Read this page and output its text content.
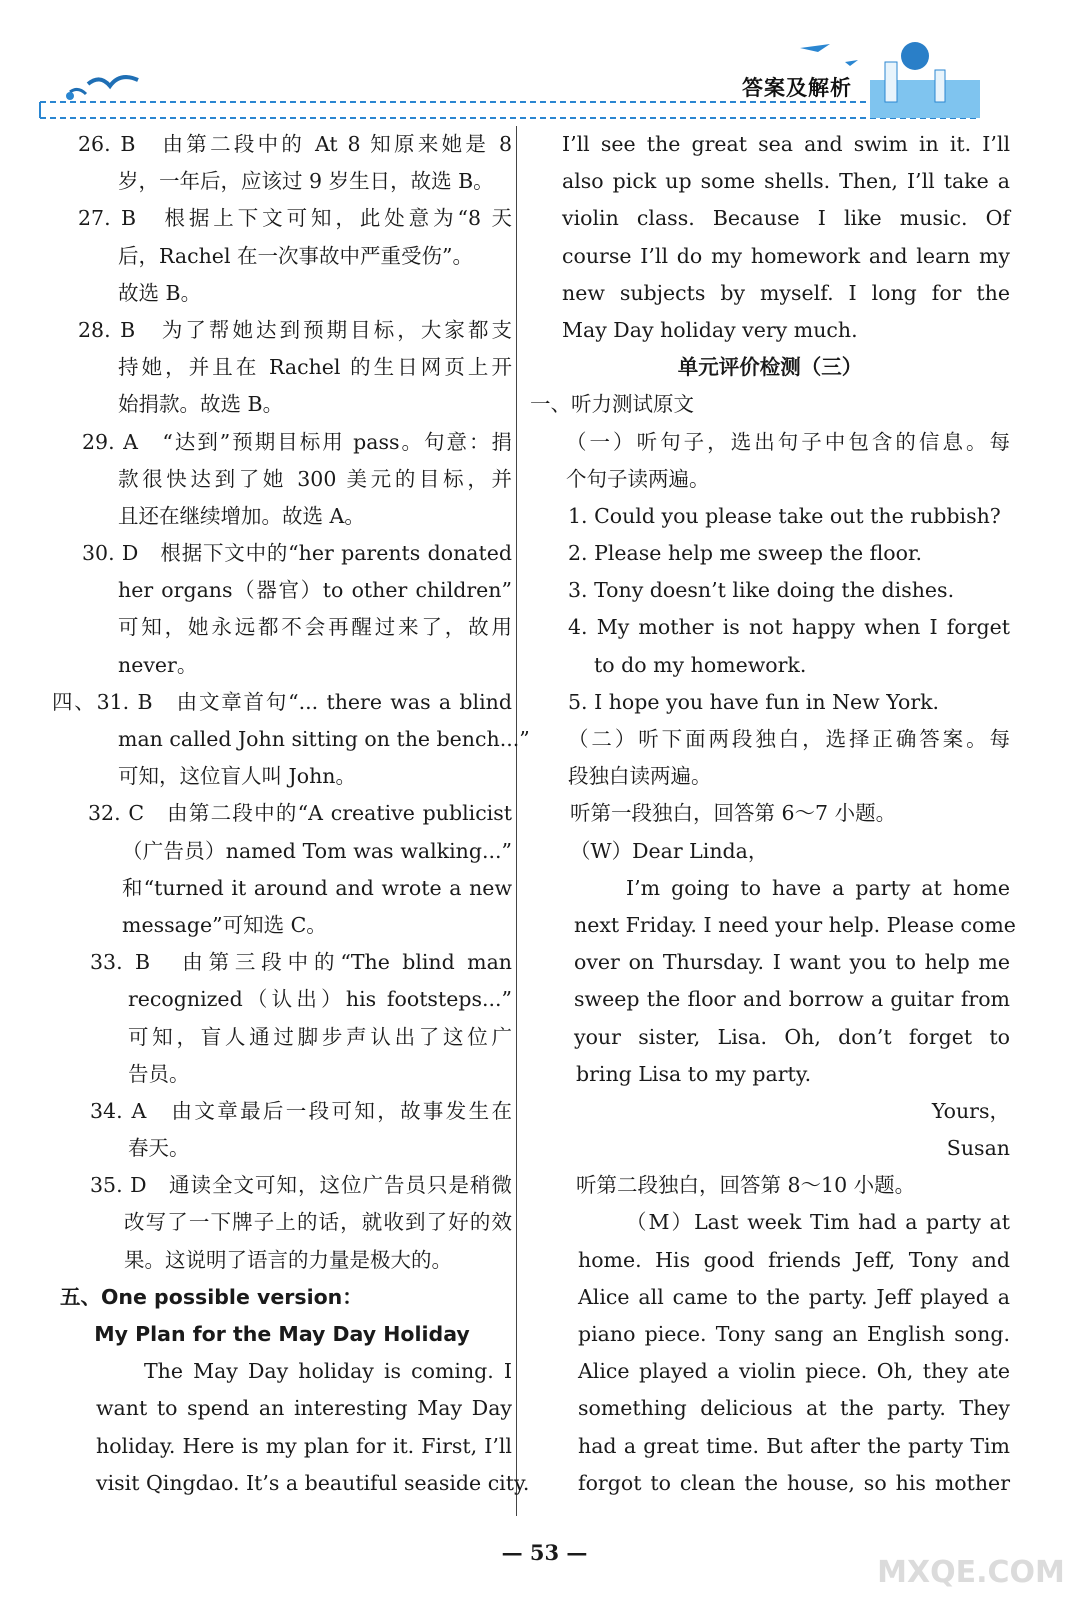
答案及解析
26. B　由第二段中的 At 8 知原来她是 8
岁，一年后，应该过 9 岁生日，故选 B。
27. B　根据上下文可知，此处意为“8 天
后，Rachel 在一次事故中严重受伤”。
故选 B。
28. B　为了帮她达到预期目标，大家都支
持她，并且在 Rachel 的生日网页上开
始捐款。故选 B。
29. A　“达到”预期目标用 pass。句意：捐
款很快达到了她 300 美元的目标，并
且还在继续增加。故选 A。
30. D　根据下文中的“her parents donated
her organs（器官）to other children”
可知，她永远都不会再醒过来了，故用
never。
四、31. B　由文章首句“... there was a blind
man called John sitting on the bench...”
可知，这位盲人叫 John。
32. C　由第二段中的“A creative publicist
（广告员）named Tom was walking...”
和“turned it around and wrote a new
message”可知选 C。
33. B　由第三段中的“The blind man
recognized（认出）his footsteps...”
可知，盲人通过脚步声认出了这位广
告员。
34. A　由文章最后一段可知，故事发生在
春天。
35. D　通读全文可知，这位广告员只是稍微
改写了一下牌子上的话，就收到了好的效
果。这说明了语言的力量是极大的。
五、One possible version：
My Plan for the May Day Holiday
The May Day holiday is coming. I
want to spend an interesting May Day
holiday. Here is my plan for it. First, I’ll
visit Qingdao. It’s a beautiful seaside city.
I’ll see the great sea and swim in it. I’ll
also pick up some shells. Then, I’ll take a
violin class. Because I like music. Of
course I’ll do my homework and learn my
new subjects by myself. I long for the
May Day holiday very much.
单元评价检测（三）
一、听力测试原文
（一）听句子，选出句子中包含的信息。每
个句子读两遍。
1. Could you please take out the rubbish?
2. Please help me sweep the floor.
3. Tony doesn’t like doing the dishes.
4. My mother is not happy when I forget
to do my homework.
5. I hope you have fun in New York.
（二）听下面两段独白，选择正确答案。每
段独白读两遍。
听第一段独白，回答第 6～7 小题。
（W）Dear Linda，
I’m going to have a party at home
next Friday. I need your help. Please come
over on Thursday. I want you to help me
sweep the floor and borrow a guitar from
your sister, Lisa. Oh, don’t forget to
bring Lisa to my party.
Yours，
Susan
听第二段独白，回答第 8～10 小题。
（M）Last week Tim had a party at
home. His good friends Jeff, Tony and
Alice all came to the party. Jeff played a
piano piece. Tony sang an English song.
Alice played a violin piece. Oh, they ate
something delicious at the party. They
had a great time. But after the party Tim
forgot to clean the house, so his mother
— 53 —
MXQE.COM
